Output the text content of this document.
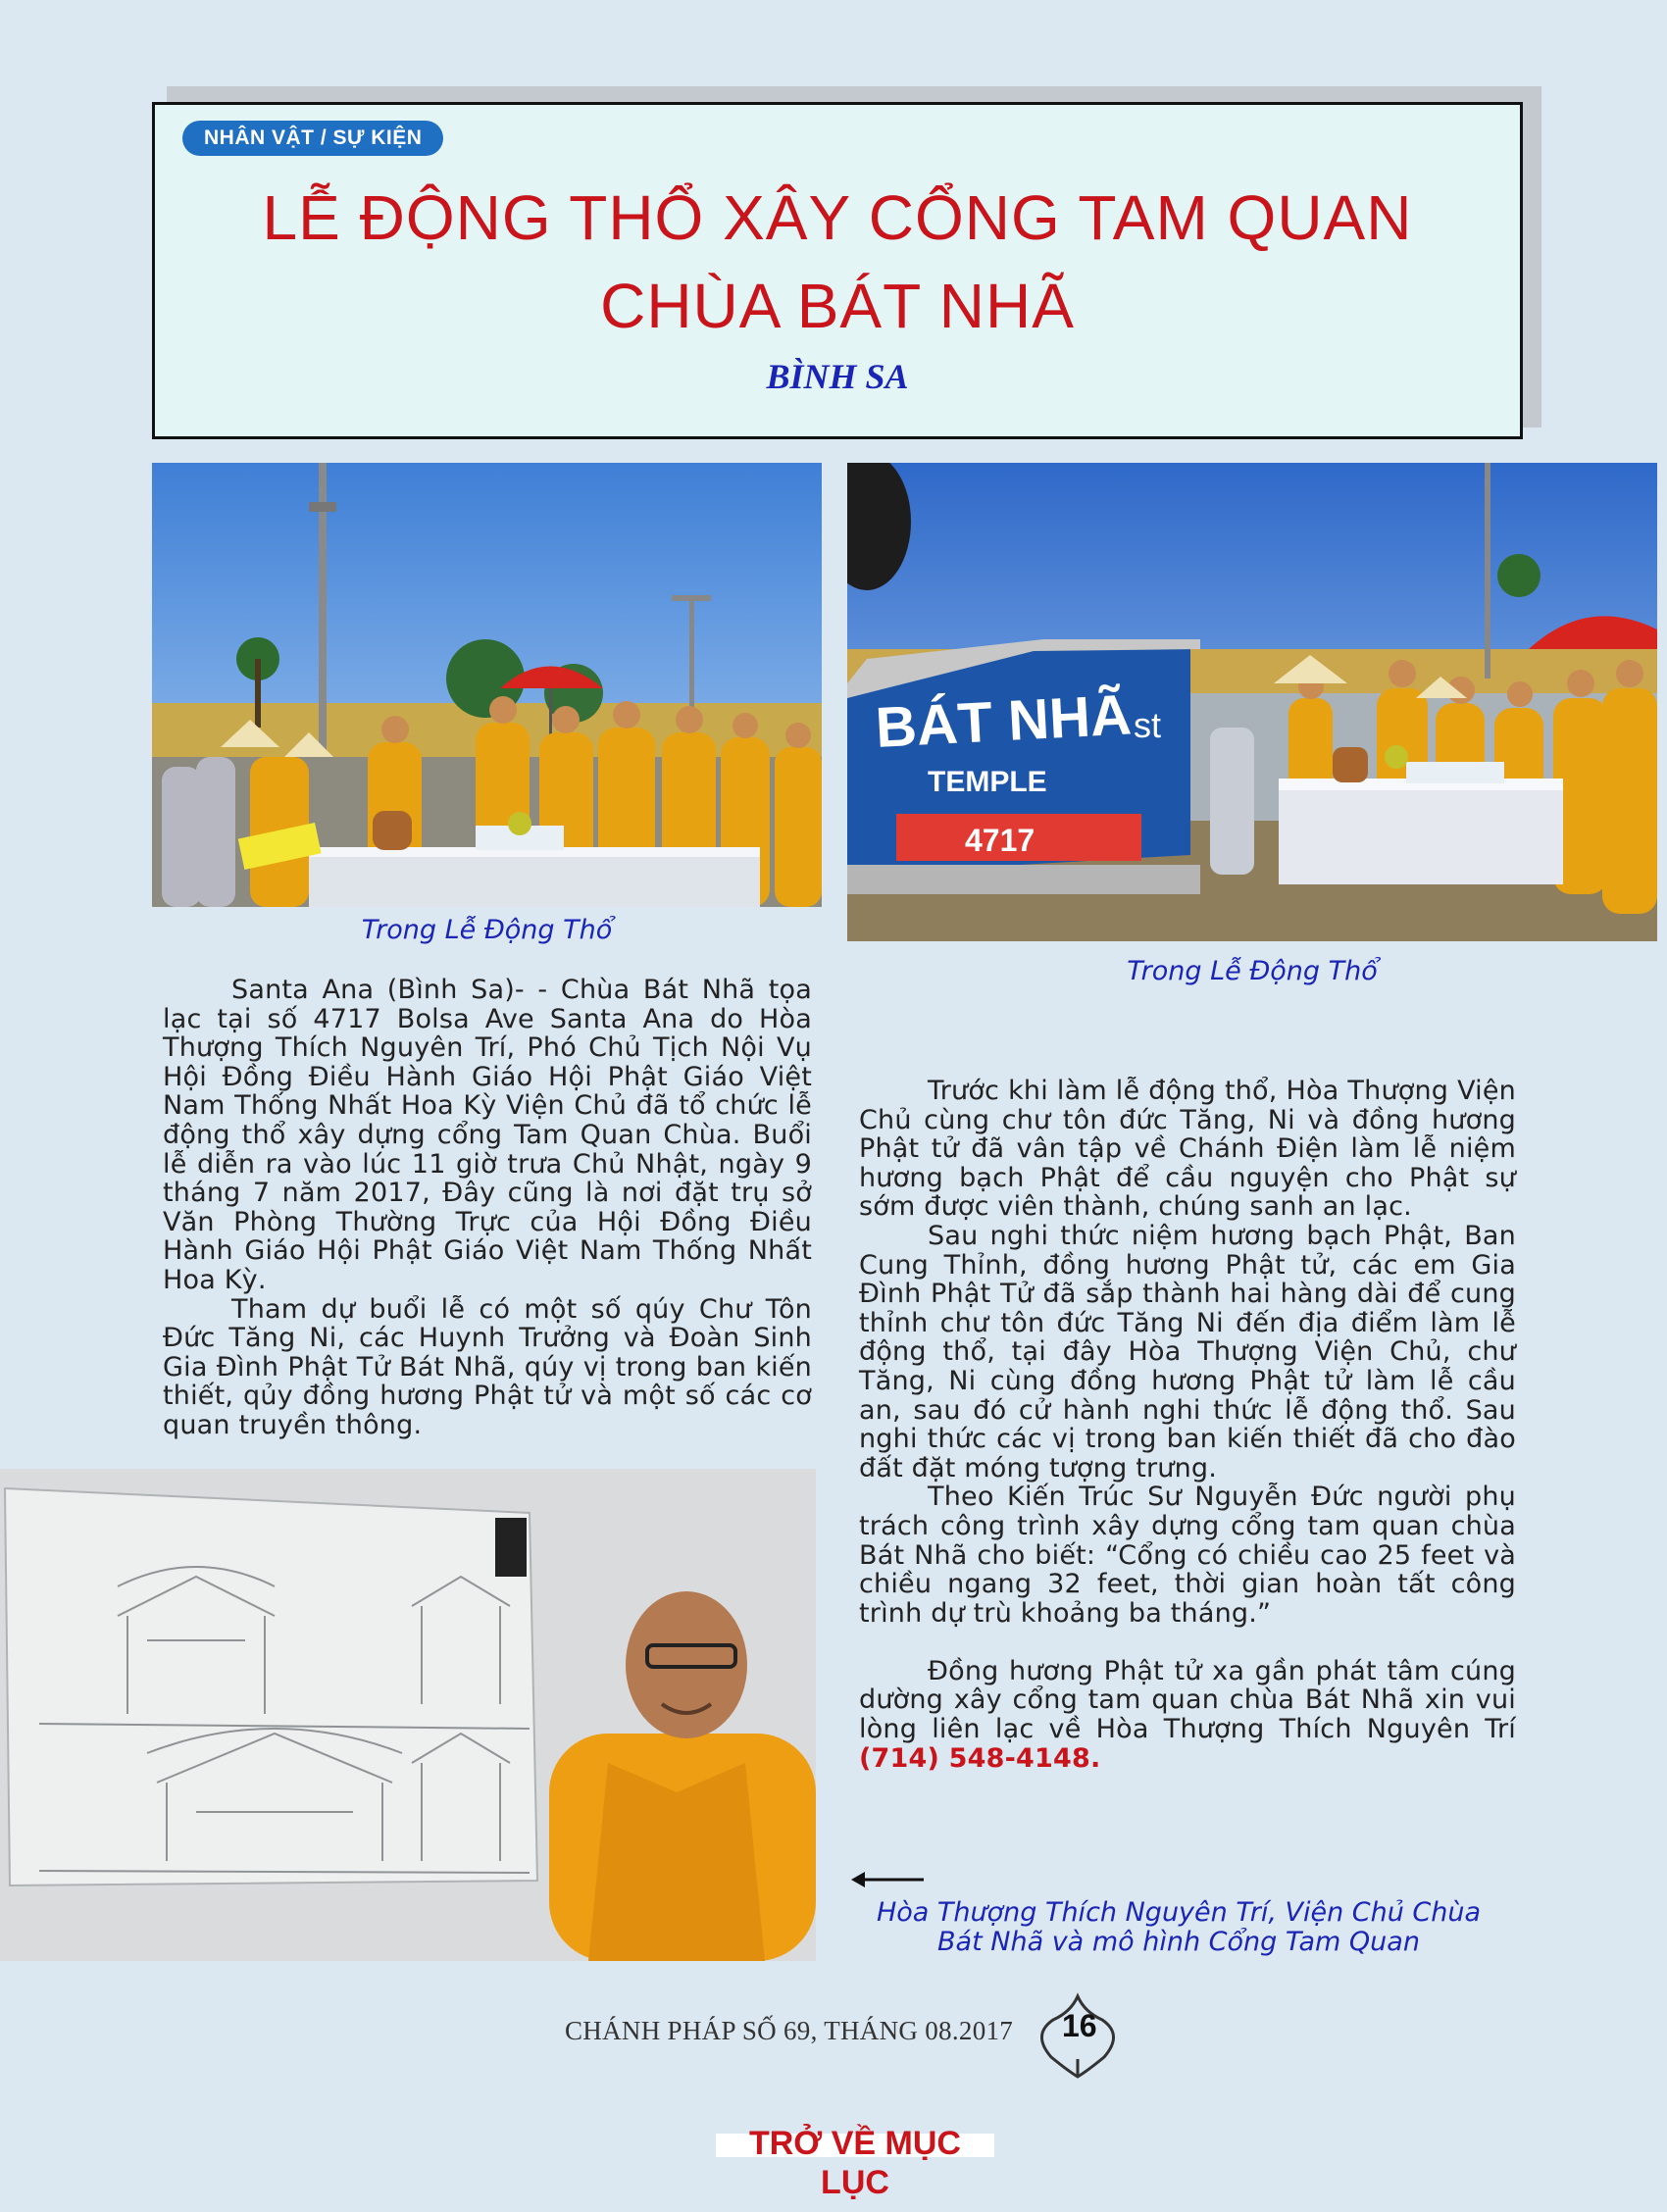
NHÂN VẬT / SỰ KIỆN
LỄ ĐỘNG THỔ XÂY CỔNG TAM QUAN
CHÙA BÁT NHÃ
BÌNH SA
Trong Lễ Động Thổ
BÁT NHÃ st
TEMPLE
4717
Trong Lễ Động Thổ

Santa Ana (Bình Sa)- - Chùa Bát Nhã tọa lạc tại số 4717 Bolsa Ave Santa Ana do Hòa Thượng Thích Nguyên Trí, Phó Chủ Tịch Nội Vụ Hội Đồng Điều Hành Giáo Hội Phật Giáo Việt Nam Thống Nhất Hoa Kỳ Viện Chủ đã tổ chức lễ động thổ xây dựng cổng Tam Quan Chùa. Buổi lễ diễn ra vào lúc 11 giờ trưa Chủ Nhật, ngày 9 tháng 7 năm 2017, Đây cũng là nơi đặt trụ sở Văn Phòng Thường Trực của Hội Đồng Điều Hành Giáo Hội Phật Giáo Việt Nam Thống Nhất Hoa Kỳ.

Tham dự buổi lễ có một số qúy Chư Tôn Đức Tăng Ni, các Huynh Trưởng và Đoàn Sinh Gia Đình Phật Tử Bát Nhã, qúy vị trong ban kiến thiết, qủy đồng hương Phật tử và một số các cơ quan truyền thông.

Trước khi làm lễ động thổ, Hòa Thượng Viện Chủ cùng chư tôn đức Tăng, Ni và đồng hương Phật tử đã vân tập về Chánh Điện làm lễ niệm hương bạch Phật để cầu nguyện cho Phật sự sớm được viên thành, chúng sanh an lạc.

Sau nghi thức niệm hương bạch Phật, Ban Cung Thỉnh, đồng hương Phật tử, các em Gia Đình Phật Tử đã sắp thành hai hàng dài để cung thỉnh chư tôn đức Tăng Ni đến địa điểm làm lễ động thổ, tại đây Hòa Thượng Viện Chủ, chư Tăng, Ni cùng đồng hương Phật tử làm lễ cầu an, sau đó cử hành nghi thức lễ động thổ. Sau nghi thức các vị trong ban kiến thiết đã cho đào đất đặt móng tượng trưng.

Theo Kiến Trúc Sư Nguyễn Đức người phụ trách công trình xây dựng cổng tam quan chùa Bát Nhã cho biết: “Cổng có chiều cao 25 feet và chiều ngang 32 feet, thời gian hoàn tất công trình dự trù khoảng ba tháng.”

Đồng hương Phật tử xa gần phát tâm cúng dường xây cổng tam quan chùa Bát Nhã xin vui lòng liên lạc về Hòa Thượng Thích Nguyên Trí (714) 548-4148.

Hòa Thượng Thích Nguyên Trí, Viện Chủ Chùa
Bát Nhã và mô hình Cổng Tam Quan
CHÁNH PHÁP SỐ 69, THÁNG 08.2017 16
TRỞ VỀ MỤC LỤC
